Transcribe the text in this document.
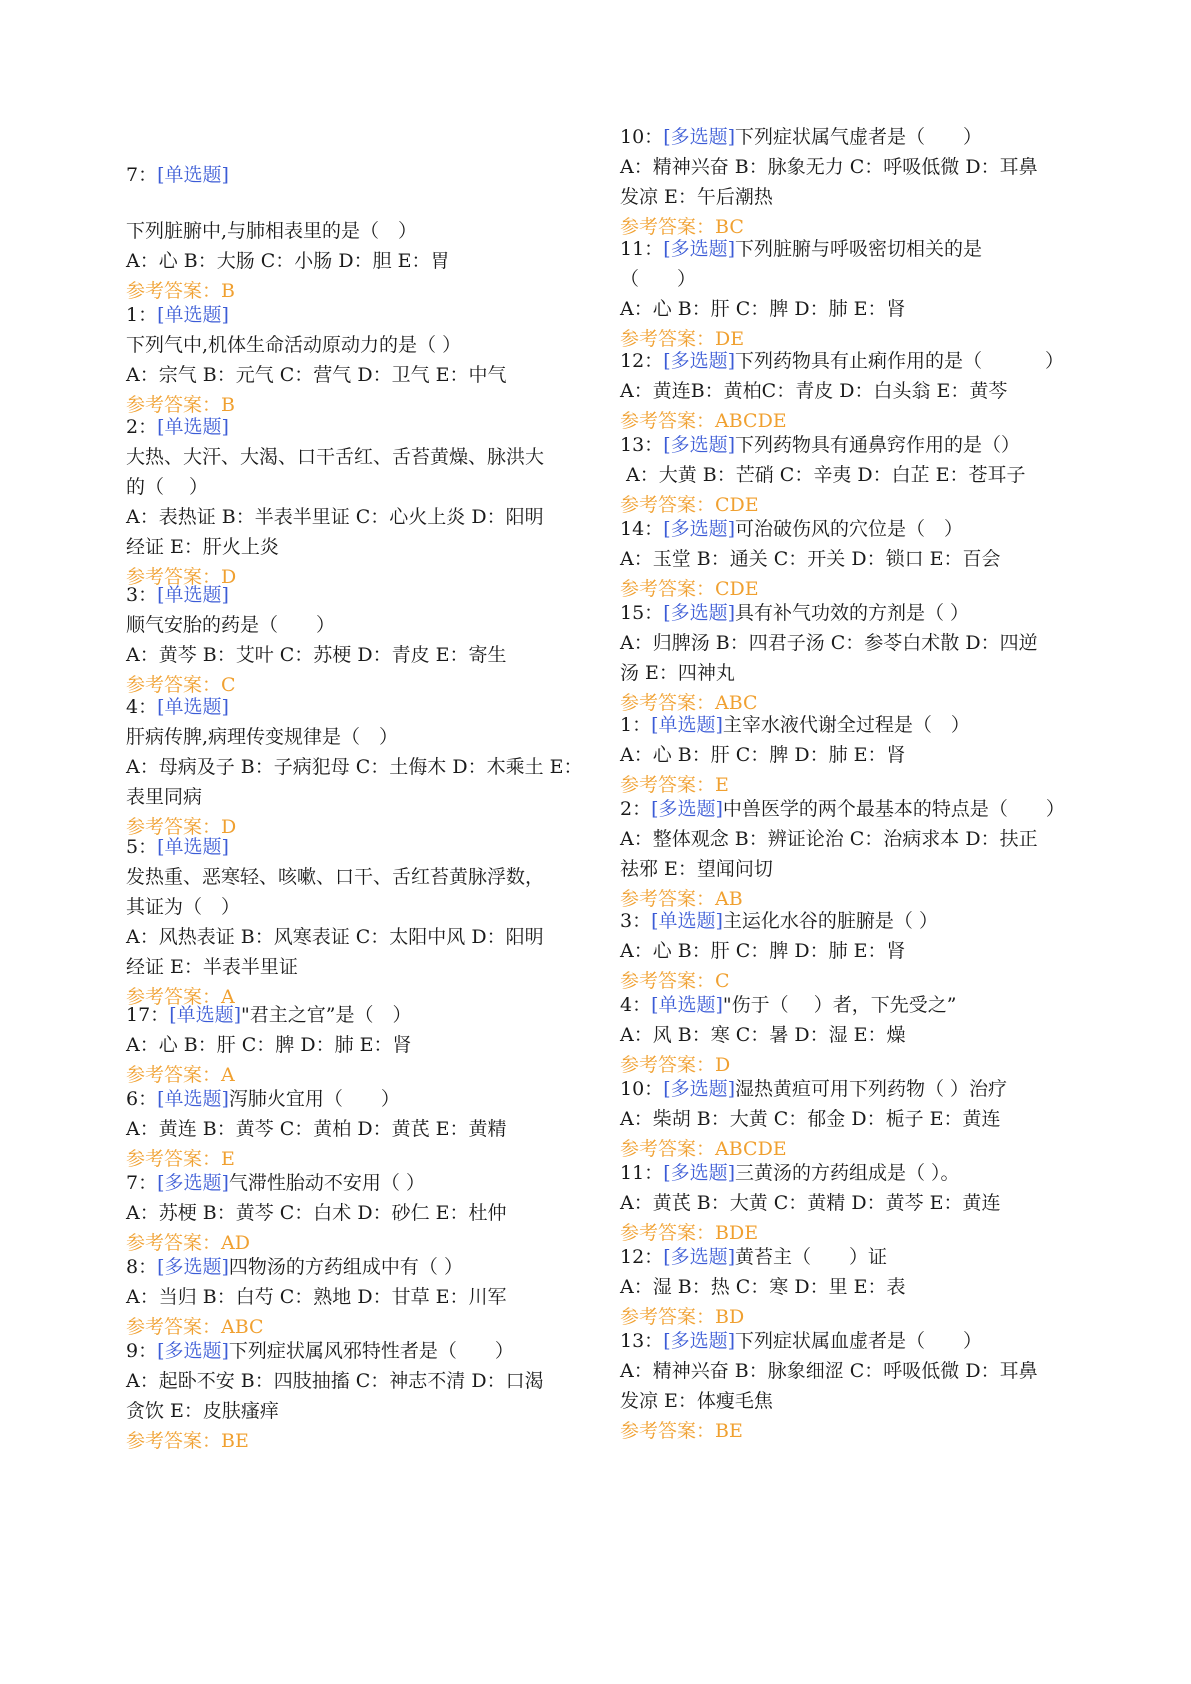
7：[单选题]
下列脏腑中,与肺相表里的是（　）
A：心 B：大肠 C：小肠 D：胆 E：胃
参考答案：B
1：[单选题]
下列气中,机体生命活动原动力的是（ ）
A：宗气 B：元气 C：营气 D：卫气 E：中气
参考答案：B
2：[单选题]
大热、大汗、大渴、口干舌红、舌苔黄燥、脉洪大
的（　 ）
A：表热证 B：半表半里证 C：心火上炎 D：阳明
经证 E：肝火上炎
参考答案：D
3：[单选题]
顺气安胎的药是（　　）
A：黄芩 B：艾叶 C：苏梗 D：青皮 E：寄生
参考答案：C
4：[单选题]
肝病传脾,病理传变规律是（　）
A：母病及子 B：子病犯母 C：土侮木 D：木乘土 E：
表里同病
参考答案：D
5：[单选题]
发热重、恶寒轻、咳嗽、口干、舌红苔黄脉浮数，
其证为（　）
A：风热表证 B：风寒表证 C：太阳中风 D：阳明
经证 E：半表半里证
参考答案：A
17：[单选题]"君主之官”是（　）
A：心 B：肝 C：脾 D：肺 E：肾
参考答案：A
6：[单选题]泻肺火宜用（　　）
A：黄连 B：黄芩 C：黄柏 D：黄芪 E：黄精
参考答案：E
7：[多选题]气滞性胎动不安用（ ）
A：苏梗 B：黄芩 C：白术 D：砂仁 E：杜仲
参考答案：AD
8：[多选题]四物汤的方药组成中有（ ）
A：当归 B：白芍 C：熟地 D：甘草 E：川军
参考答案：ABC
9：[多选题]下列症状属风邪特性者是（　　）
A：起卧不安 B：四肢抽搐 C：神志不清 D：口渴
贪饮 E：皮肤瘙痒
参考答案：BE
10：[多选题]下列症状属气虚者是（　　）
A：精神兴奋 B：脉象无力 C：呼吸低微 D：耳鼻
发凉 E：午后潮热
参考答案：BC
11：[多选题]下列脏腑与呼吸密切相关的是
（　　）
A：心 B：肝 C：脾 D：肺 E：肾
参考答案：DE
12：[多选题]下列药物具有止痢作用的是（　　　 ）
A：黄连B：黄柏C：青皮 D：白头翁 E：黄芩
参考答案：ABCDE
13：[多选题]下列药物具有通鼻窍作用的是（）
A：大黄 B：芒硝 C：辛夷 D：白芷 E：苍耳子
参考答案：CDE
14：[多选题]可治破伤风的穴位是（　）
A：玉堂 B：通关 C：开关 D：锁口 E：百会
参考答案：CDE
15：[多选题]具有补气功效的方剂是（ ）
A：归脾汤 B：四君子汤 C：参苓白术散 D：四逆
汤 E：四神丸
参考答案：ABC
1：[单选题]主宰水液代谢全过程是（　）
A：心 B：肝 C：脾 D：肺 E：肾
参考答案：E
2：[多选题]中兽医学的两个最基本的特点是（　　）
A：整体观念 B：辨证论治 C：治病求本 D：扶正
祛邪 E：望闻问切
参考答案：AB
3：[单选题]主运化水谷的脏腑是（ ）
A：心 B：肝 C：脾 D：肺 E：肾
参考答案：C
4：[单选题]"伤于（　 ）者，下先受之”
A：风 B：寒 C：暑 D：湿 E：燥
参考答案：D
10：[多选题]湿热黄疸可用下列药物（ ）治疗
A：柴胡 B：大黄 C：郁金 D：栀子 E：黄连
参考答案：ABCDE
11：[多选题]三黄汤的方药组成是（ ）。
A：黄芪 B：大黄 C：黄精 D：黄芩 E：黄连
参考答案：BDE
12：[多选题]黄苔主（　　）证
A：湿 B：热 C：寒 D：里 E：表
参考答案：BD
13：[多选题]下列症状属血虚者是（　　）
A：精神兴奋 B：脉象细涩 C：呼吸低微 D：耳鼻
发凉 E：体瘦毛焦
参考答案：BE
